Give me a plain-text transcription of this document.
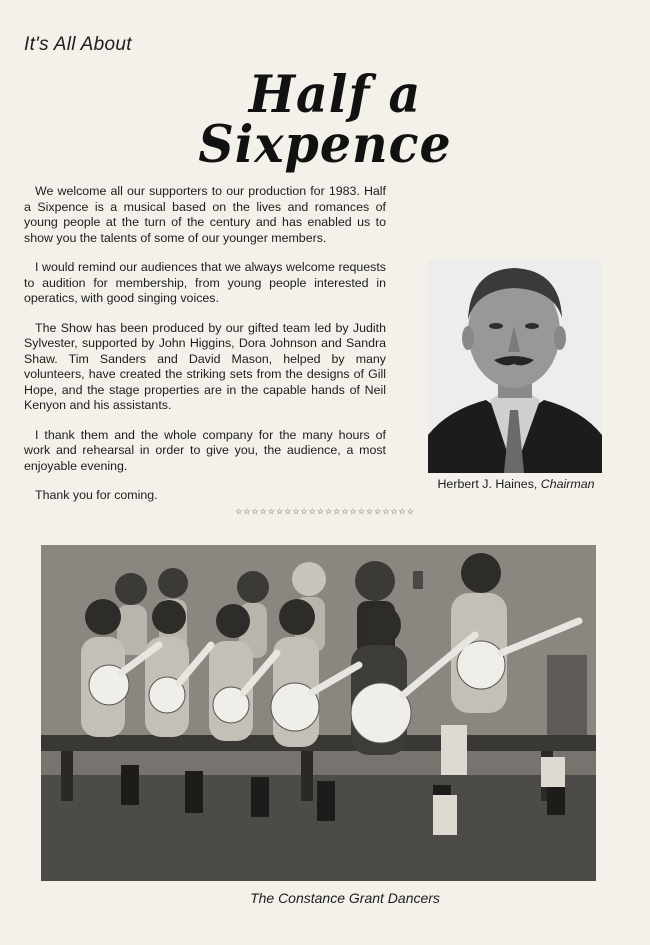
It's All About
Half a
Sixpence

We welcome all our supporters to our production for 1983. Half a Sixpence is a musical based on the lives and romances of young people at the turn of the century and has enabled us to show you the talents of some of our younger members.

I would remind our audiences that we always welcome requests to audition for membership, from young people interested in operatics, with good singing voices.

The Show has been produced by our gifted team led by Judith Sylvester, supported by John Higgins, Dora Johnson and Sandra Shaw. Tim Sanders and David Mason, helped by many volunteers, have created the striking sets from the designs of Gill Hope, and the stage properties are in the capable hands of Neil Kenyon and his assistants.

I thank them and the whole company for the many hours of work and rehearsal in order to give you, the audience, a most enjoyable evening.

Thank you for coming.

Herbert J. Haines, Chairman
☆☆☆☆☆☆☆☆☆☆☆☆☆☆☆☆☆☆☆☆☆☆
The Constance Grant Dancers
